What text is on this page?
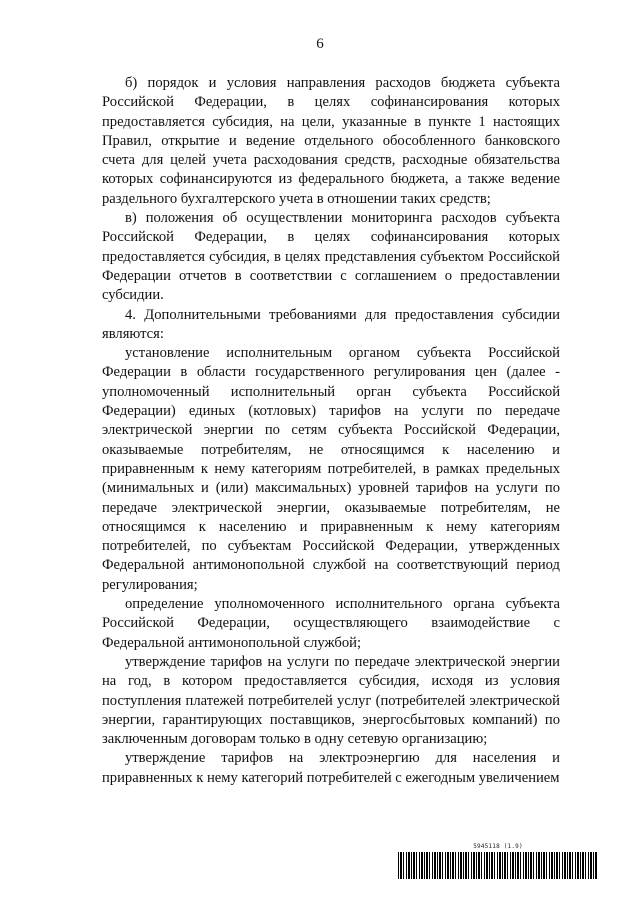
6

б) порядок и условия направления расходов бюджета субъекта Российской Федерации, в целях софинансирования которых предоставляется субсидия, на цели, указанные в пункте 1 настоящих Правил, открытие и ведение отдельного обособленного банковского счета для целей учета расходования средств, расходные обязательства которых софинансируются из федерального бюджета, а также ведение раздельного бухгалтерского учета в отношении таких средств;

в) положения об осуществлении мониторинга расходов субъекта Российской Федерации, в целях софинансирования которых предоставляется субсидия, в целях представления субъектом Российской Федерации отчетов в соответствии с соглашением о предоставлении субсидии.

4. Дополнительными требованиями для предоставления субсидии являются:

установление исполнительным органом субъекта Российской Федерации в области государственного регулирования цен (далее - уполномоченный исполнительный орган субъекта Российской Федерации) единых (котловых) тарифов на услуги по передаче электрической энергии по сетям субъекта Российской Федерации, оказываемые потребителям, не относящимся к населению и приравненным к нему категориям потребителей, в рамках предельных (минимальных и (или) максимальных) уровней тарифов на услуги по передаче электрической энергии, оказываемые потребителям, не относящимся к населению и приравненным к нему категориям потребителей, по субъектам Российской Федерации, утвержденных Федеральной антимонопольной службой на соответствующий период регулирования;

определение уполномоченного исполнительного органа субъекта Российской Федерации, осуществляющего взаимодействие с Федеральной антимонопольной службой;

утверждение тарифов на услуги по передаче электрической энергии на год, в котором предоставляется субсидия, исходя из условия поступления платежей потребителей услуг (потребителей электрической энергии, гарантирующих поставщиков, энергосбытовых компаний) по заключенным договорам только в одну сетевую организацию;

утверждение тарифов на электроэнергию для населения и приравненных к нему категорий потребителей с ежегодным увеличением

5945118 (1.9)
